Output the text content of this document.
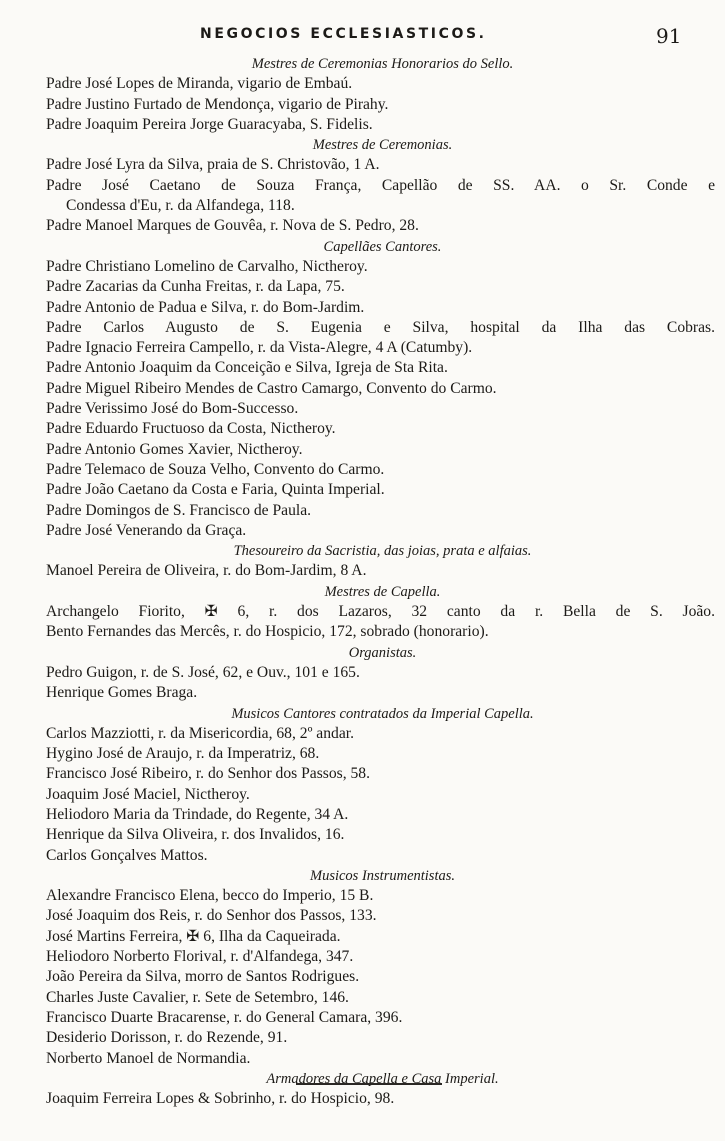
NEGOCIOS ECCLESIASTICOS.	91
Mestres de Ceremonias Honorarios do Sello.
Padre José Lopes de Miranda, vigario de Embaú.
Padre Justino Furtado de Mendonça, vigario de Pirahy.
Padre Joaquim Pereira Jorge Guaracyaba, S. Fidelis.
Mestres de Ceremonias.
Padre José Lyra da Silva, praia de S. Christovão, 1 A.
Padre José Caetano de Souza França, Capellão de SS. AA. o Sr. Conde e
Condessa d'Eu, r. da Alfandega, 118.
Padre Manoel Marques de Gouvêa, r. Nova de S. Pedro, 28.
Capellães Cantores.
Padre Christiano Lomelino de Carvalho, Nictheroy.
Padre Zacarias da Cunha Freitas, r. da Lapa, 75.
Padre Antonio de Padua e Silva, r. do Bom-Jardim.
Padre Carlos Augusto de S. Eugenia e Silva, hospital da Ilha das Cobras.
Padre Ignacio Ferreira Campello, r. da Vista-Alegre, 4 A (Catumby).
Padre Antonio Joaquim da Conceição e Silva, Igreja de Sta Rita.
Padre Miguel Ribeiro Mendes de Castro Camargo, Convento do Carmo.
Padre Verissimo José do Bom-Successo.
Padre Eduardo Fructuoso da Costa, Nictheroy.
Padre Antonio Gomes Xavier, Nictheroy.
Padre Telemaco de Souza Velho, Convento do Carmo.
Padre João Caetano da Costa e Faria, Quinta Imperial.
Padre Domingos de S. Francisco de Paula.
Padre José Venerando da Graça.
Thesoureiro da Sacristia, das joias, prata e alfaias.
Manoel Pereira de Oliveira, r. do Bom-Jardim, 8 A.
Mestres de Capella.
Archangelo Fiorito, ✠ 6, r. dos Lazaros, 32 canto da r. Bella de S. João.
Bento Fernandes das Mercês, r. do Hospicio, 172, sobrado (honorario).
Organistas.
Pedro Guigon, r. de S. José, 62, e Ouv., 101 e 165.
Henrique Gomes Braga.
Musicos Cantores contratados da Imperial Capella.
Carlos Mazziotti, r. da Misericordia, 68, 2º andar.
Hygino José de Araujo, r. da Imperatriz, 68.
Francisco José Ribeiro, r. do Senhor dos Passos, 58.
Joaquim José Maciel, Nictheroy.
Heliodoro Maria da Trindade, do Regente, 34 A.
Henrique da Silva Oliveira, r. dos Invalidos, 16.
Carlos Gonçalves Mattos.
Musicos Instrumentistas.
Alexandre Francisco Elena, becco do Imperio, 15 B.
José Joaquim dos Reis, r. do Senhor dos Passos, 133.
José Martins Ferreira, ✠ 6, Ilha da Caqueirada.
Heliodoro Norberto Florival, r. d'Alfandega, 347.
João Pereira da Silva, morro de Santos Rodrigues.
Charles Juste Cavalier, r. Sete de Setembro, 146.
Francisco Duarte Bracarense, r. do General Camara, 396.
Desiderio Dorisson, r. do Rezende, 91.
Norberto Manoel de Normandia.
Armadores da Capella e Casa Imperial.
Joaquim Ferreira Lopes & Sobrinho, r. do Hospicio, 98.
